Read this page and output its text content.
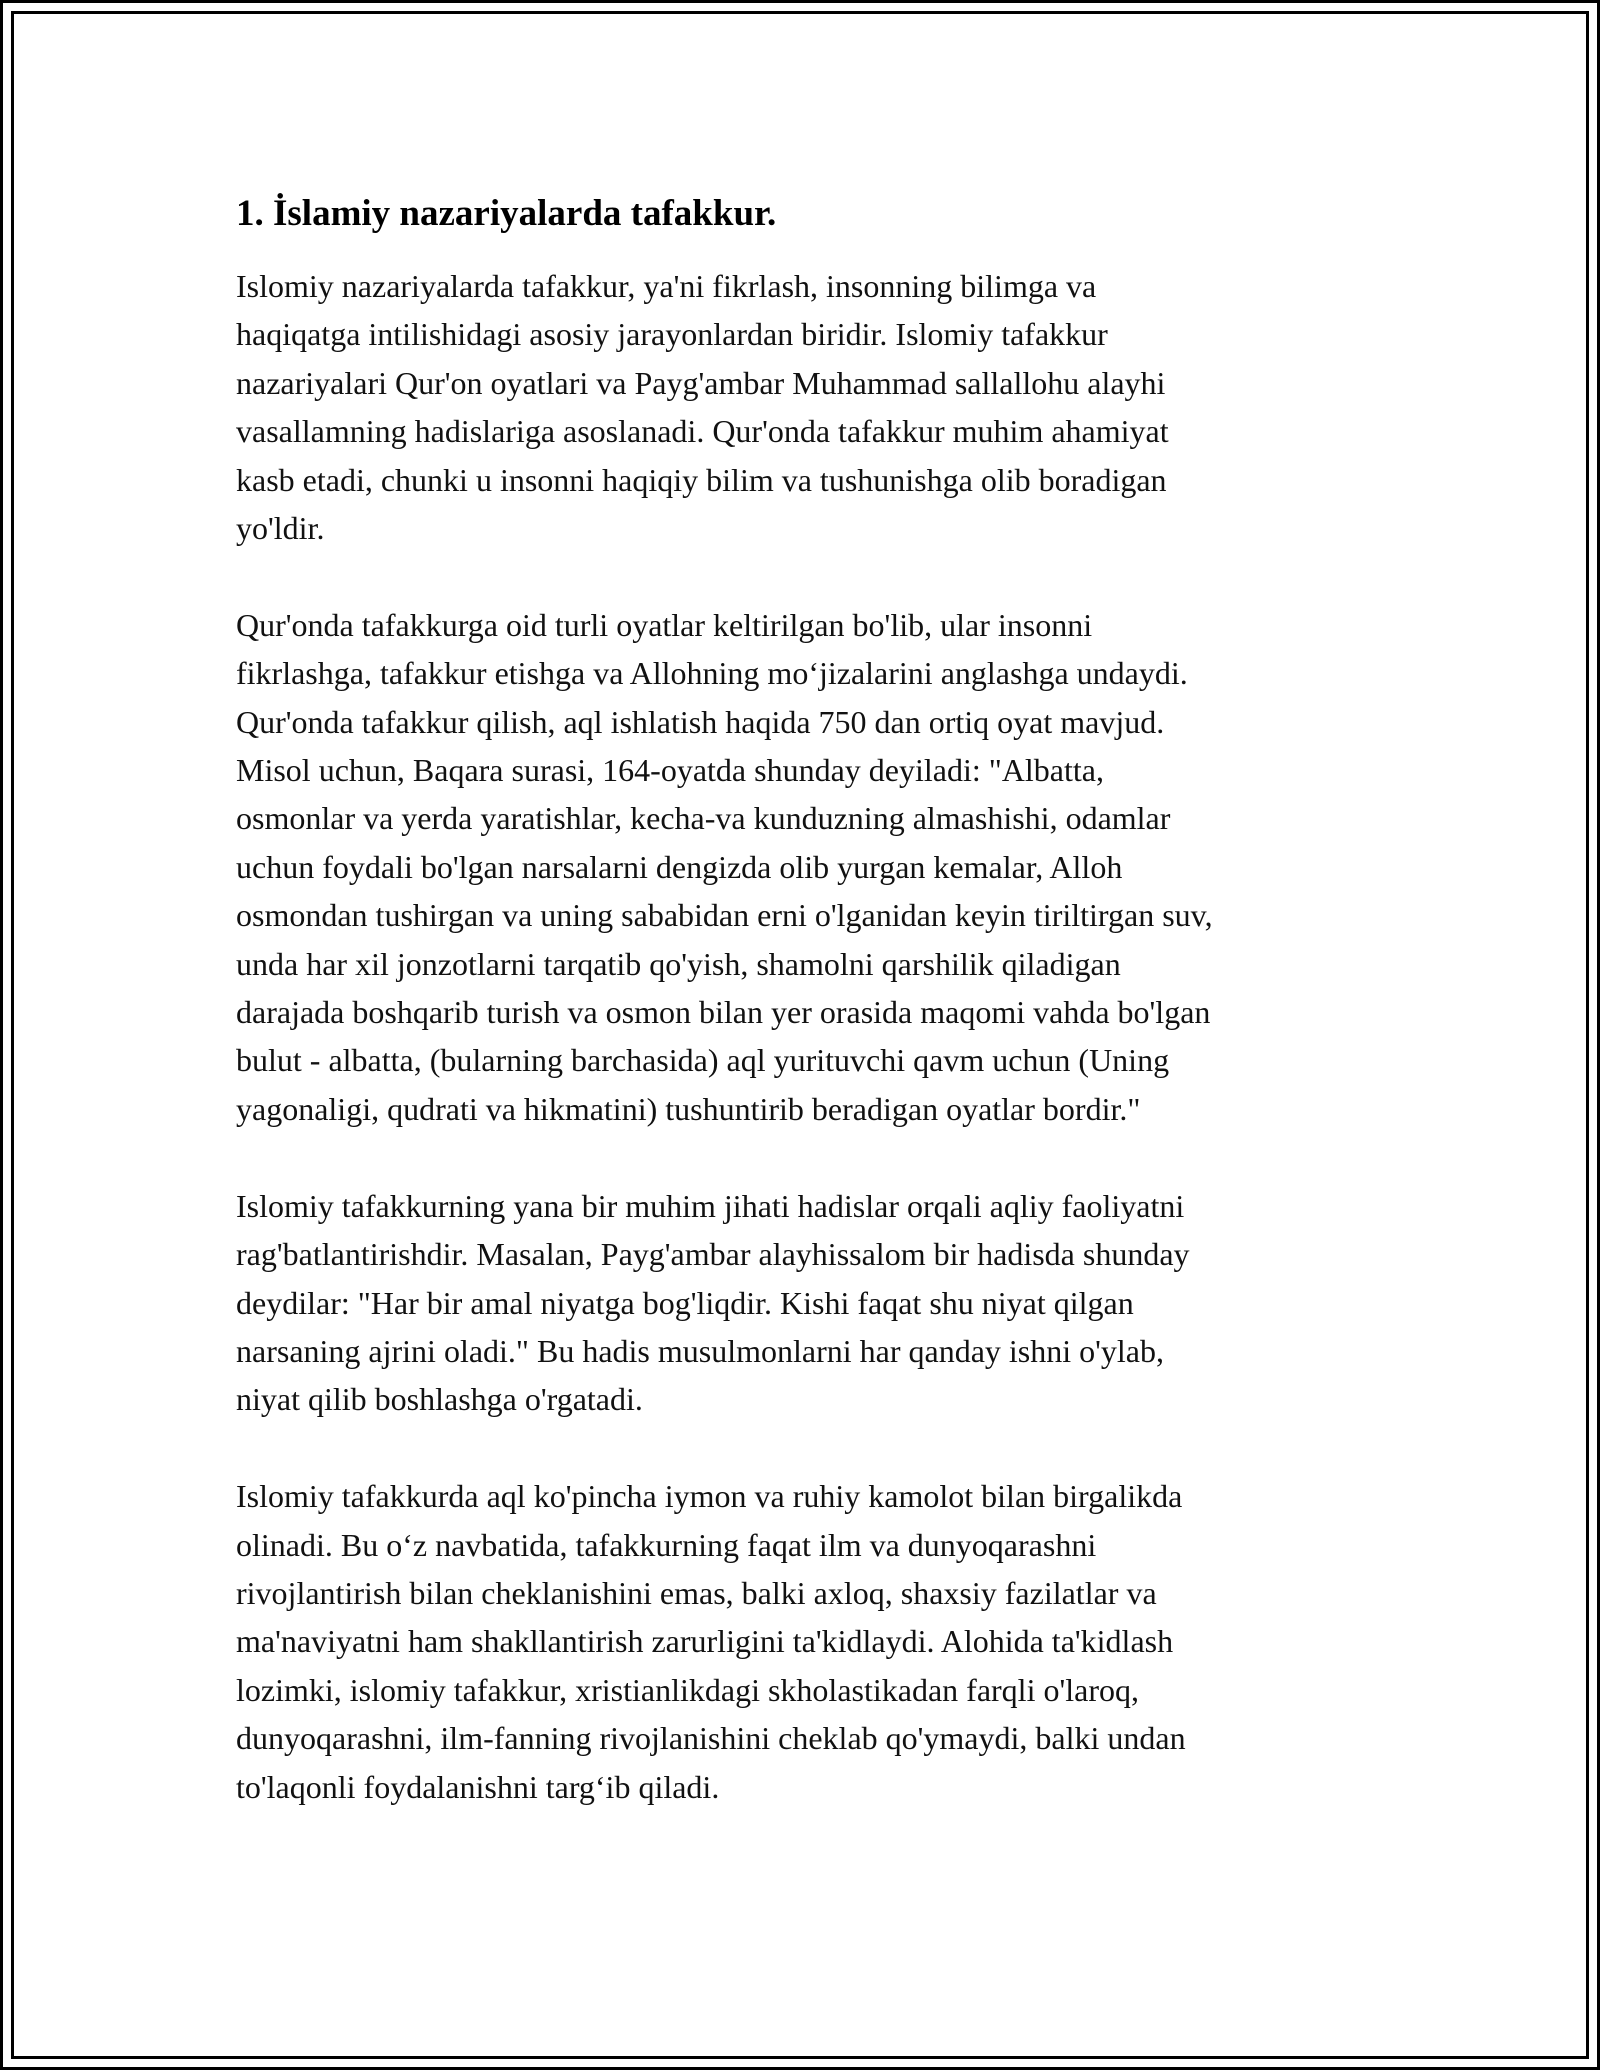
1. İslamiy nazariyalarda tafakkur.

Islomiy nazariyalarda tafakkur, ya'ni fikrlash, insonning bilimga va
haqiqatga intilishidagi asosiy jarayonlardan biridir. Islomiy tafakkur
nazariyalari Qur'on oyatlari va Payg'ambar Muhammad sallallohu alayhi
vasallamning hadislariga asoslanadi. Qur'onda tafakkur muhim ahamiyat
kasb etadi, chunki u insonni haqiqiy bilim va tushunishga olib boradigan
yo'ldir.

Qur'onda tafakkurga oid turli oyatlar keltirilgan bo'lib, ular insonni
fikrlashga, tafakkur etishga va Allohning mo‘jizalarini anglashga undaydi.
Qur'onda tafakkur qilish, aql ishlatish haqida 750 dan ortiq oyat mavjud.
Misol uchun, Baqara surasi, 164-oyatda shunday deyiladi: "Albatta,
osmonlar va yerda yaratishlar, kecha-va kunduzning almashishi, odamlar
uchun foydali bo'lgan narsalarni dengizda olib yurgan kemalar, Alloh
osmondan tushirgan va uning sababidan erni o'lganidan keyin tiriltirgan suv,
unda har xil jonzotlarni tarqatib qo'yish, shamolni qarshilik qiladigan
darajada boshqarib turish va osmon bilan yer orasida maqomi vahda bo'lgan
bulut - albatta, (bularning barchasida) aql yurituvchi qavm uchun (Uning
yagonaligi, qudrati va hikmatini) tushuntirib beradigan oyatlar bordir."

Islomiy tafakkurning yana bir muhim jihati hadislar orqali aqliy faoliyatni
rag'batlantirishdir. Masalan, Payg'ambar alayhissalom bir hadisda shunday
deydilar: "Har bir amal niyatga bog'liqdir. Kishi faqat shu niyat qilgan
narsaning ajrini oladi." Bu hadis musulmonlarni har qanday ishni o'ylab,
niyat qilib boshlashga o'rgatadi.

Islomiy tafakkurda aql ko'pincha iymon va ruhiy kamolot bilan birgalikda
olinadi. Bu o‘z navbatida, tafakkurning faqat ilm va dunyoqarashni
rivojlantirish bilan cheklanishini emas, balki axloq, shaxsiy fazilatlar va
ma'naviyatni ham shakllantirish zarurligini ta'kidlaydi. Alohida ta'kidlash
lozimki, islomiy tafakkur, xristianlikdagi skholastikadan farqli o'laroq,
dunyoqarashni, ilm-fanning rivojlanishini cheklab qo'ymaydi, balki undan
to'laqonli foydalanishni targ‘ib qiladi.
